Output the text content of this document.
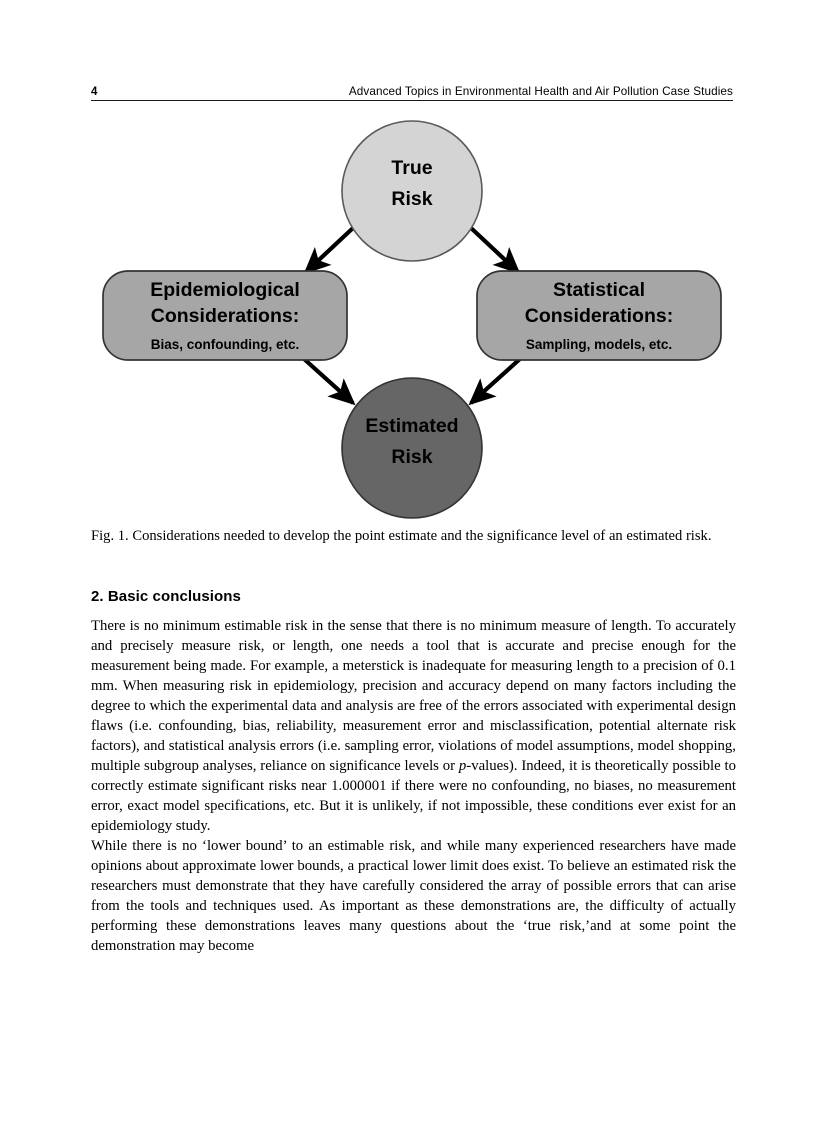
4	Advanced Topics in Environmental Health and Air Pollution Case Studies
True
Risk
Epidemiological
Considerations:
Bias, confounding, etc.
Statistical
Considerations:
Sampling, models, etc.
Estimated
Risk
Fig. 1. Considerations needed to develop the point estimate and the significance level of an estimated risk.
2. Basic conclusions

There is no minimum estimable risk in the sense that there is no minimum measure of length. To accurately and precisely measure risk, or length, one needs a tool that is accurate and precise enough for the measurement being made. For example, a meterstick is inadequate for measuring length to a precision of 0.1 mm. When measuring risk in epidemiology, precision and accuracy depend on many factors including the degree to which the experimental data and analysis are free of the errors associated with experimental design flaws (i.e. confounding, bias, reliability, measurement error and misclassification, potential alternate risk factors), and statistical analysis errors (i.e. sampling error, violations of model assumptions, model shopping, multiple subgroup analyses, reliance on significance levels or p-values). Indeed, it is theoretically possible to correctly estimate significant risks near 1.000001 if there were no confounding, no biases, no measurement error, exact model specifications, etc. But it is unlikely, if not impossible, these conditions ever exist for an epidemiology study.

While there is no ‘lower bound’ to an estimable risk, and while many experienced researchers have made opinions about approximate lower bounds, a practical lower limit does exist. To believe an estimated risk the researchers must demonstrate that they have carefully considered the array of possible errors that can arise from the tools and techniques used. As important as these demonstrations are, the difficulty of actually performing these demonstrations leaves many questions about the ‘true risk,’and at some point the demonstration may become
